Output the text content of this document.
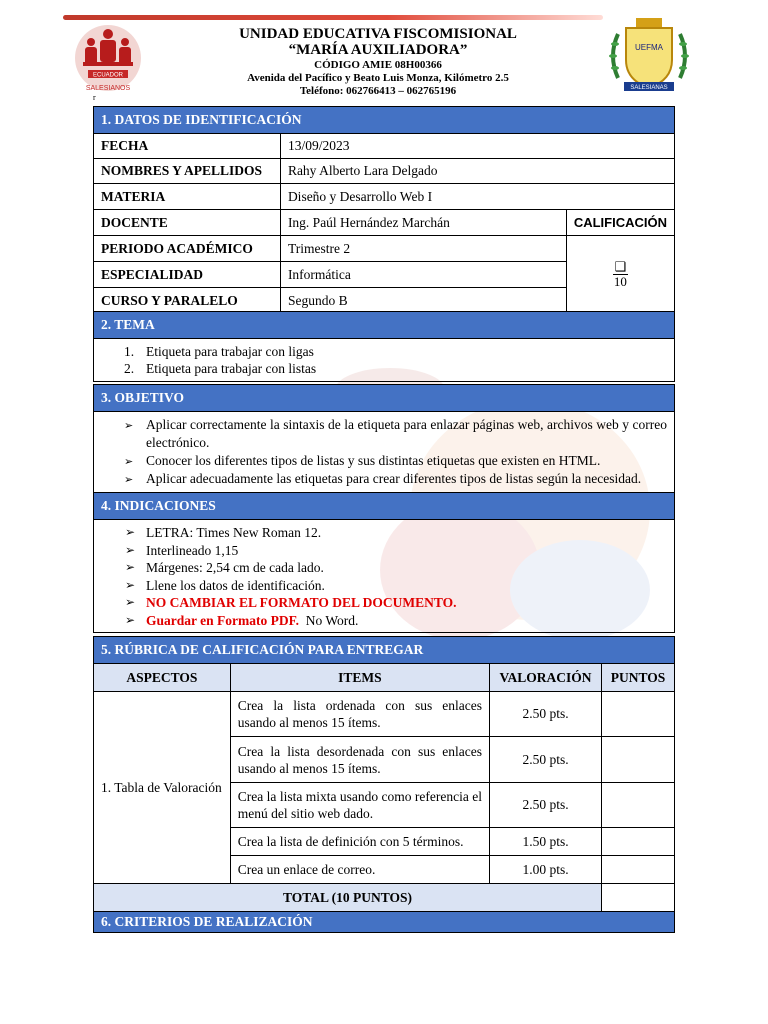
ECUADOR
SALESIANOS
UEFMA
SALESIANAS
UNIDAD EDUCATIVA FISCOMISIONAL
“MARÍA AUXILIADORA”
CÓDIGO AMIE 08H00366
Avenida del Pacífico y Beato Luis Monza, Kilómetro 2.5
Teléfono: 062766413 – 062765196
r
1. DATOS DE IDENTIFICACIÓN		
FECHA	13/09/2023	
NOMBRES Y APELLIDOS	Rahy Alberto Lara Delgado	
MATERIA	Diseño y Desarrollo Web I	
DOCENTE	Ing. Paúl Hernández Marchán	CALIFICACIÓN
PERIODO ACADÉMICO	Trimestre 2	❑
10

ESPECIALIDAD	Informática	
CURSO Y PARALELO	Segundo B	
2. TEMA

1. Etiqueta para trabajar con ligas
2. Etiqueta para trabajar con listas
3. OBJETIVO

➢ Aplicar correctamente la sintaxis de la etiqueta para enlazar páginas web, archivos web y correo electrónico.
➢ Conocer los diferentes tipos de listas y sus distintas etiquetas que existen en HTML.
➢ Aplicar adecuadamente las etiquetas para crear diferentes tipos de listas según la necesidad.
4. INDICACIONES

➢ LETRA: Times New Roman 12.
➢ Interlineado 1,15
➢ Márgenes: 2,54 cm de cada lado.
➢ Llene los datos de identificación.
➢ NO CAMBIAR EL FORMATO DEL DOCUMENTO.
➢ Guardar en Formato PDF.  No Word.
5. RÚBRICA DE CALIFICACIÓN PARA ENTREGAR			
ASPECTOS	ITEMS	VALORACIÓN	PUNTOS
1. Tabla de Valoración	Crea la lista ordenada con sus enlaces usando al menos 15 ítems.	2.50 pts.	
	Crea la lista desordenada con sus enlaces usando al menos 15 ítems.	2.50 pts.	
	Crea la lista mixta usando como referencia el menú del sitio web dado.	2.50 pts.	
	Crea la lista de definición con 5 términos.	1.50 pts.	
	Crea un enlace de correo.	1.00 pts.	
TOTAL (10 PUNTOS)			
6. CRITERIOS DE REALIZACIÓN			
